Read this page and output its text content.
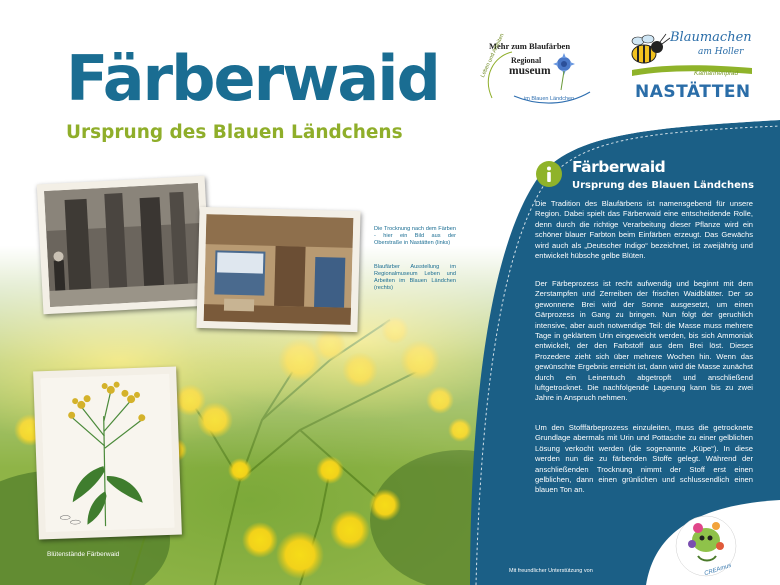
Färberwaid
Ursprung des Blauen Ländchens
Mehr zum Blaufärben
Regional
museum
Leben und Arbeiten
im Blauen Ländchen
Blaumachen
am Holler
Katharinenpfad
NASTÄTTEN

Die Trocknung nach dem Färben - hier ein Bild aus der Oberstraße in Nastätten (links)

Blaufärber Ausstellung im Regionalmuseum Leben und Arbeiten im Blauen Ländchen (rechts)

Blütenstände Färberwaid

Färberwaid
Ursprung des Blauen Ländchens

Die Tradition des Blaufärbens ist namensgebend für unsere Region. Dabei spielt das Färberwaid eine entscheidende Rolle, denn durch die richtige Verarbeitung dieser Pflanze wird ein schöner blauer Farbton beim Einfärben erzeugt. Das Gewächs wird auch als „Deutscher Indigo“ bezeichnet, ist zweijährig und entwickelt hübsche gelbe Blüten.

Der Färbeprozess ist recht aufwendig und beginnt mit dem Zerstampfen und Zerreiben der frischen Waidblätter. Der so gewonnene Brei wird der Sonne ausgesetzt, um einen Gärprozess in Gang zu bringen. Nun folgt der geruchlich intensive, aber auch notwendige Teil: die Masse muss mehrere Tage in geklärtem Urin eingeweicht werden, bis sich Ammoniak entwickelt, der den Farbstoff aus dem Brei löst. Dieses Prozedere zieht sich über mehrere Wochen hin. Wenn das gewünschte Ergebnis erreicht ist, dann wird die Masse zunächst durch ein Leinentuch abgetropft und anschließend luftgetrocknet. Die nachfolgende Lagerung kann bis zu zwei Jahre in Anspruch nehmen.

Um den Stofffärbeprozess einzuleiten, muss die getrocknete Grundlage abermals mit Urin und Pottasche zu einer gelblichen Lösung verkocht werden (die sogenannte „Küpe“). In diese werden nun die zu färbenden Stoffe gelegt. Während der anschließenden Trocknung nimmt der Stoff erst einen gelblichen, dann einen grünlichen und schlussendlich einen blauen Ton an.

Mit freundlicher Unterstützung von	CREAmus
